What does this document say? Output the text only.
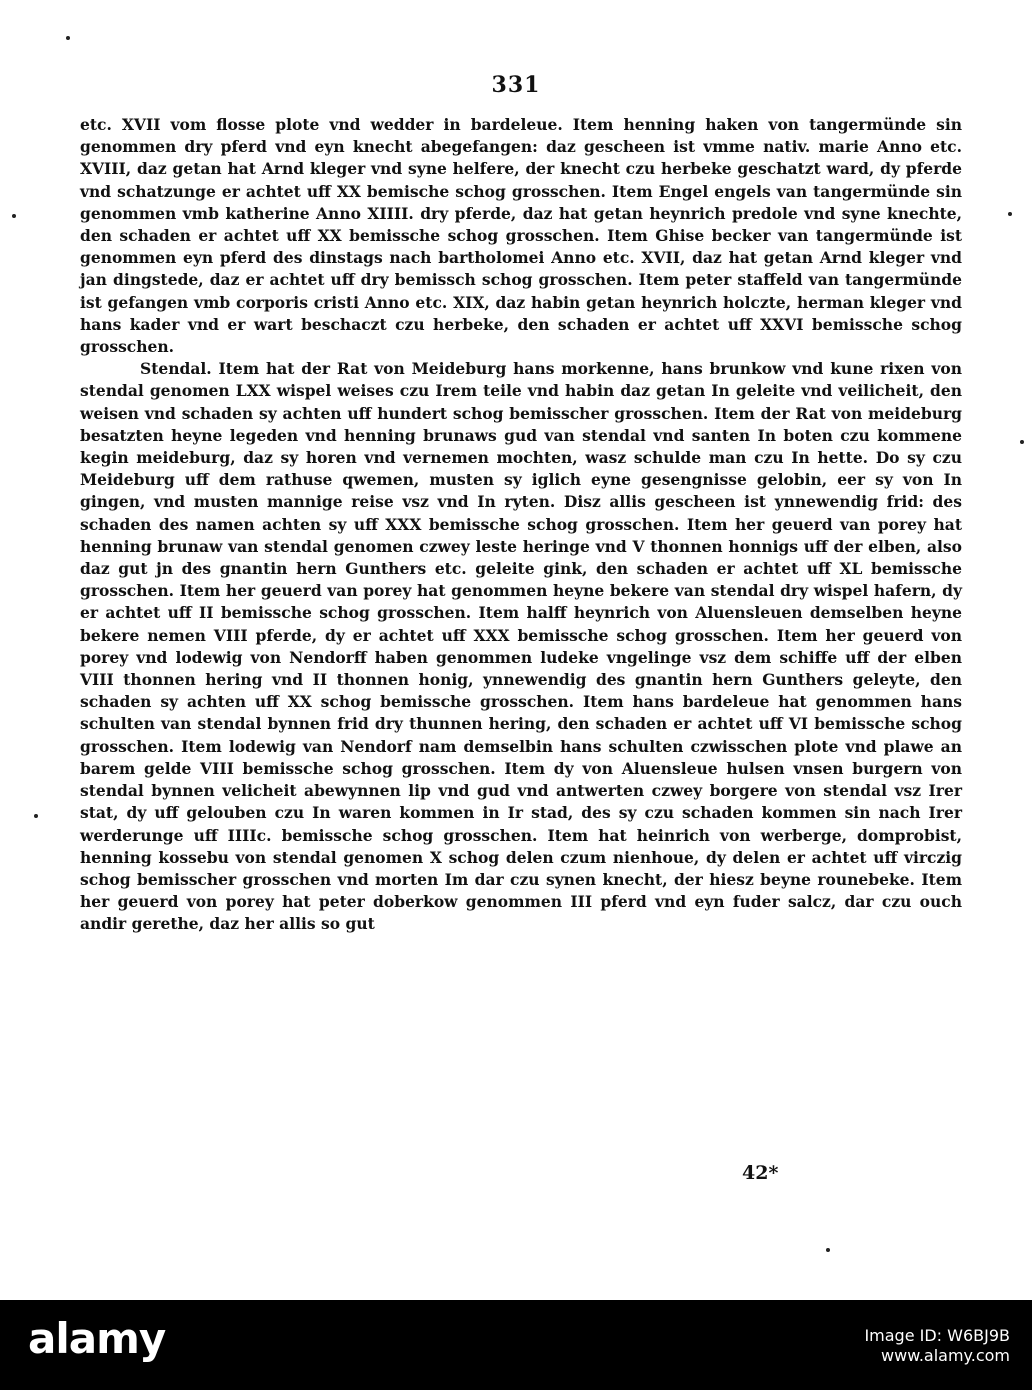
331

etc. XVII vom flosse plote vnd wedder in bardeleue. Item henning haken von tangermünde sin genommen dry pferd vnd eyn knecht abegefangen: daz gescheen ist vmme nativ. marie Anno etc. XVIII, daz getan hat Arnd kleger vnd syne helfere, der knecht czu herbeke geschatzt ward, dy pferde vnd schatzunge er achtet uff XX bemische schog grosschen. Item Engel engels van tangermünde sin genommen vmb katherine Anno XIIII. dry pferde, daz hat getan heynrich predole vnd syne knechte, den schaden er achtet uff XX bemissche schog grosschen. Item Ghise becker van tangermünde ist genommen eyn pferd des dinstags nach bartholomei Anno etc. XVII, daz hat getan Arnd kleger vnd jan dingstede, daz er achtet uff dry bemissch schog grosschen. Item peter staffeld van tangermünde ist gefangen vmb corporis cristi Anno etc. XIX, daz habin getan heynrich holczte, herman kleger vnd hans kader vnd er wart beschaczt czu herbeke, den schaden er achtet uff XXVI bemissche schog grosschen.

Stendal. Item hat der Rat von Meideburg hans morkenne, hans brunkow vnd kune rixen von stendal genomen LXX wispel weises czu Irem teile vnd habin daz getan In geleite vnd veilicheit, den weisen vnd schaden sy achten uff hundert schog bemisscher grosschen. Item der Rat von meideburg besatzten heyne legeden vnd henning brunaws gud van stendal vnd santen In boten czu kommene kegin meideburg, daz sy horen vnd vernemen mochten, wasz schulde man czu In hette. Do sy czu Meideburg uff dem rathuse qwemen, musten sy iglich eyne gesengnisse gelobin, eer sy von In gingen, vnd musten mannige reise vsz vnd In ryten. Disz allis gescheen ist ynnewendig frid: des schaden des namen achten sy uff XXX bemissche schog grosschen. Item her geuerd van porey hat henning brunaw van stendal genomen czwey leste heringe vnd V thonnen honnigs uff der elben, also daz gut jn des gnantin hern Gunthers etc. geleite gink, den schaden er achtet uff XL bemissche grosschen. Item her geuerd van porey hat genommen heyne bekere van stendal dry wispel hafern, dy er achtet uff II bemissche schog grosschen. Item halff heynrich von Aluensleuen demselben heyne bekere nemen VIII pferde, dy er achtet uff XXX bemissche schog grosschen. Item her geuerd von porey vnd lodewig von Nendorff haben genommen ludeke vngelinge vsz dem schiffe uff der elben VIII thonnen hering vnd II thonnen honig, ynnewendig des gnantin hern Gunthers geleyte, den schaden sy achten uff XX schog bemissche grosschen. Item hans bardeleue hat genommen hans schulten van stendal bynnen frid dry thunnen hering, den schaden er achtet uff VI bemissche schog grosschen. Item lodewig van Nendorf nam demselbin hans schulten czwisschen plote vnd plawe an barem gelde VIII bemissche schog grosschen. Item dy von Aluensleue hulsen vnsen burgern von stendal bynnen velicheit abewynnen lip vnd gud vnd antwerten czwey borgere von stendal vsz Irer stat, dy uff gelouben czu In waren kommen in Ir stad, des sy czu schaden kommen sin nach Irer werderunge uff IIIIc. bemissche schog grosschen. Item hat heinrich von werberge, domprobist, henning kossebu von stendal genomen X schog delen czum nienhoue, dy delen er achtet uff virczig schog bemisscher grosschen vnd morten Im dar czu synen knecht, der hiesz beyne rounebeke. Item her geuerd von porey hat peter doberkow genommen III pferd vnd eyn fuder salcz, dar czu ouch andir gerethe, daz her allis so gut

42*
alamy	Image ID: W6BJ9B
www.alamy.com
